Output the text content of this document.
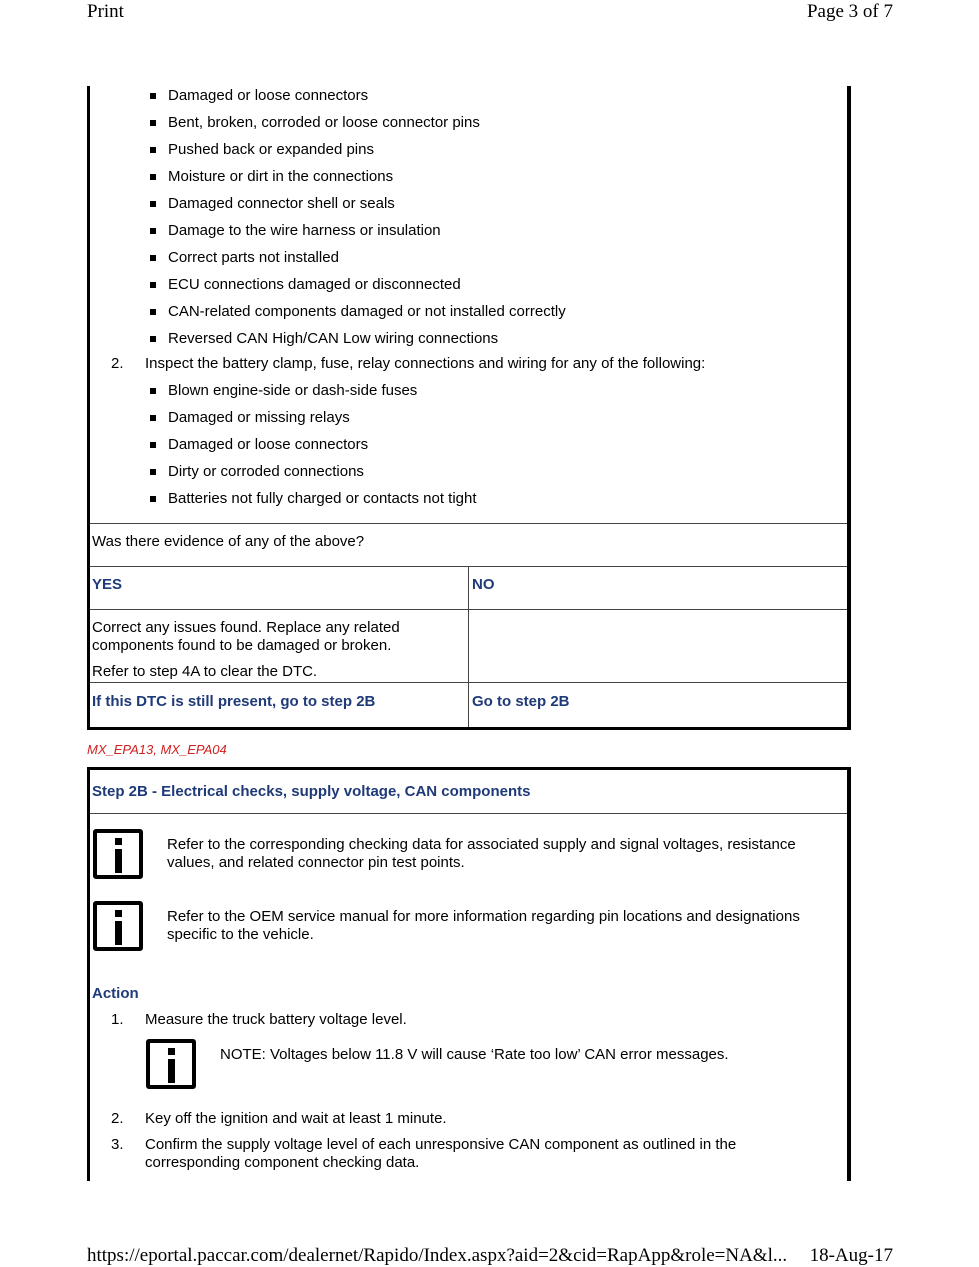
Print	Page 3 of 7
Damaged or loose connectors
Bent, broken, corroded or loose connector pins
Pushed back or expanded pins
Moisture or dirt in the connections
Damaged connector shell or seals
Damage to the wire harness or insulation
Correct parts not installed
ECU connections damaged or disconnected
CAN-related components damaged or not installed correctly
Reversed CAN High/CAN Low wiring connections
2. Inspect the battery clamp, fuse, relay connections and wiring for any of the following:
Blown engine-side or dash-side fuses
Damaged or missing relays
Damaged or loose connectors
Dirty or corroded connections
Batteries not fully charged or contacts not tight
Was there evidence of any of the above?
YES	NO
Correct any issues found. Replace any related
components found to be damaged or broken.
Refer to step 4A to clear the DTC.
If this DTC is still present, go to step 2B	Go to step 2B
MX_EPA13, MX_EPA04
Step 2B - Electrical checks, supply voltage, CAN components
Refer to the corresponding checking data for associated supply and signal voltages, resistance
values, and related connector pin test points.
Refer to the OEM service manual for more information regarding pin locations and designations
specific to the vehicle.
Action
1. Measure the truck battery voltage level.
NOTE: Voltages below 11.8 V will cause ‘Rate too low’ CAN error messages.
2. Key off the ignition and wait at least 1 minute.
3. Confirm the supply voltage level of each unresponsive CAN component as outlined in the
corresponding component checking data.
https://eportal.paccar.com/dealernet/Rapido/Index.aspx?aid=2&cid=RapApp&role=NA&l... 18-Aug-17
